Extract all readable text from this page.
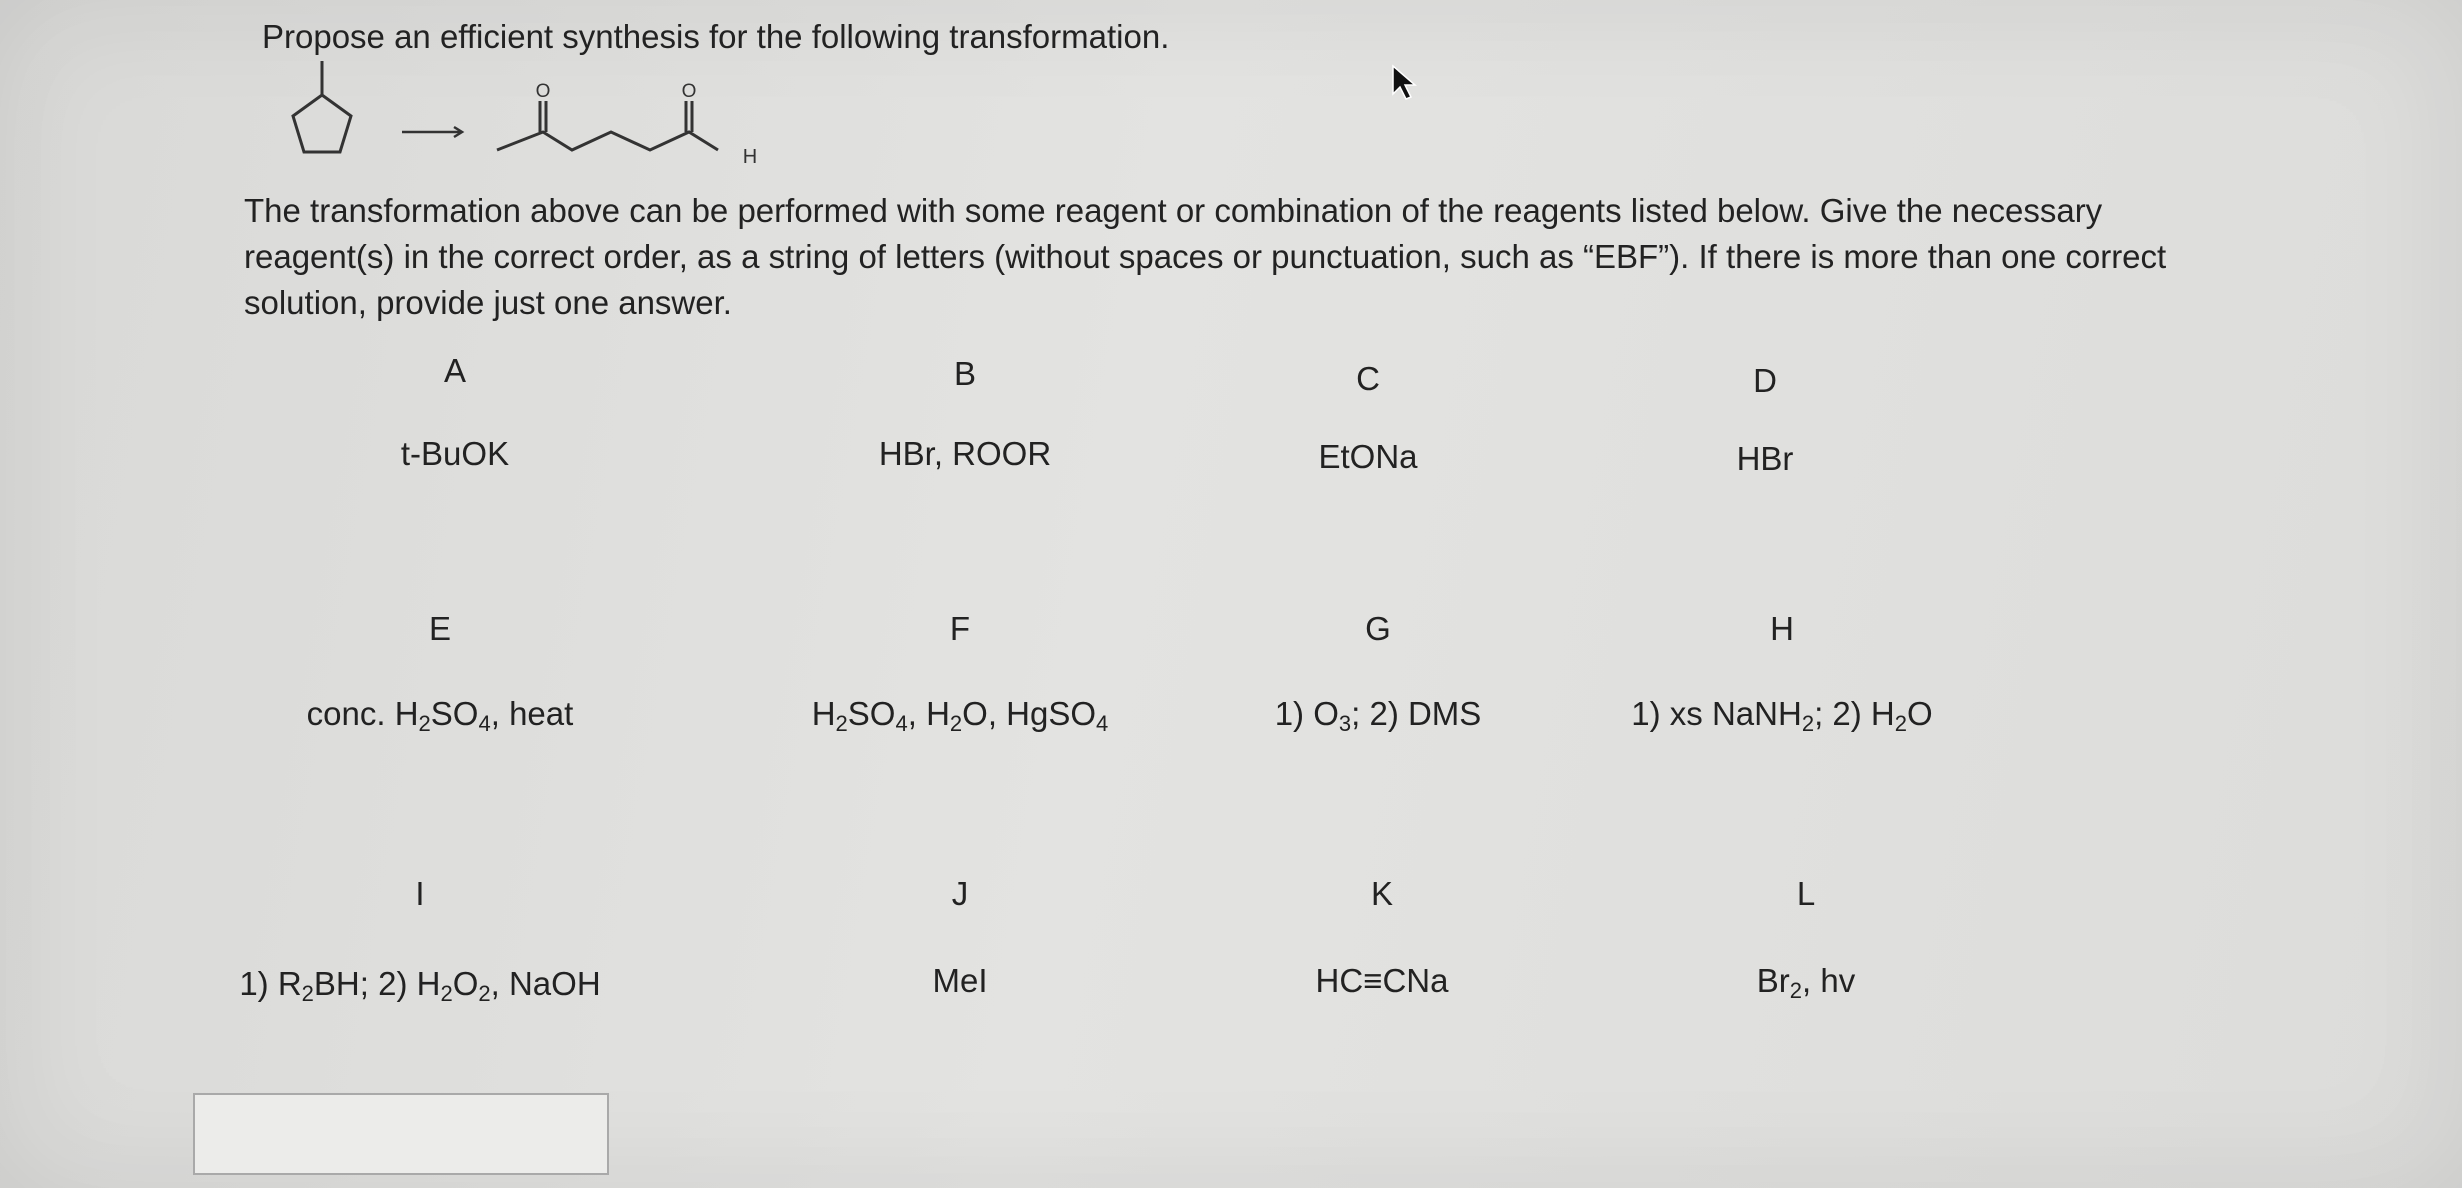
Propose an efficient synthesis for the following transformation.
O	O
H
The transformation above can be performed with some reagent or combination of the reagents listed below. Give the necessary reagent(s) in the correct order, as a string of letters (without spaces or punctuation, such as “EBF”). If there is more than one correct solution, provide just one answer.
A
t-BuOK
B
HBr, ROOR
C
EtONa
D
HBr
E
conc. $H_2SO_4$, heat
F
$H_2SO_4$, $H_2O$, HgSO$_4$
G
1) $O_3$; 2) DMS
H
1) xs NaNH$_2$; 2) $H_2O$
I
1) $R_2BH$; 2) $H_2O_2$, NaOH
J
MeI
K
HC≡CNa
L
$Br_2$, hv
